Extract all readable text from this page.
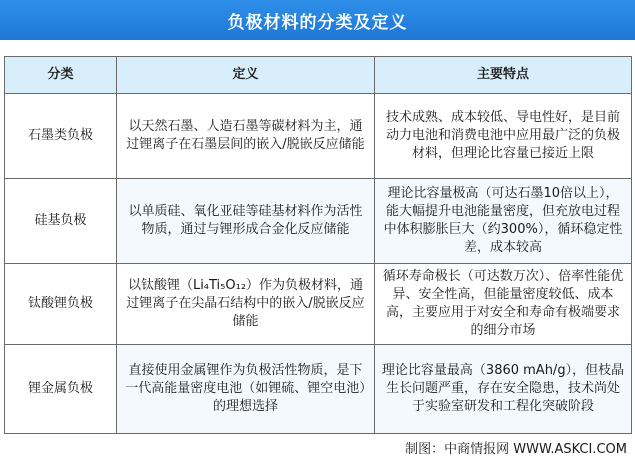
负极材料的分类及定义
分类	定义	主要特点
石墨类负极	以天然石墨、人造石墨等碳材料为主，通过锂离子在石墨层间的嵌入/脱嵌反应储能	技术成熟、成本较低、导电性好，是目前动力电池和消费电池中应用最广泛的负极材料，但理论比容量已接近上限
硅基负极	以单质硅、氧化亚硅等硅基材料作为活性物质，通过与锂形成合金化反应储能	理论比容量极高（可达石墨10倍以上），能大幅提升电池能量密度，但充放电过程中体积膨胀巨大（约300%），循环稳定性差，成本较高
钛酸锂负极	以钛酸锂（Li₄Ti₅O₁₂）作为负极材料，通过锂离子在尖晶石结构中的嵌入/脱嵌反应储能	循环寿命极长（可达数万次）、倍率性能优异、安全性高，但能量密度较低、成本高，主要应用于对安全和寿命有极端要求的细分市场
锂金属负极	直接使用金属锂作为负极活性物质，是下一代高能量密度电池（如锂硫、锂空电池）的理想选择	理论比容量最高（3860 mAh/g），但枝晶生长问题严重，存在安全隐患，技术尚处于实验室研发和工程化突破阶段
制图：中商情报网 WWW.ASKCI.COM
